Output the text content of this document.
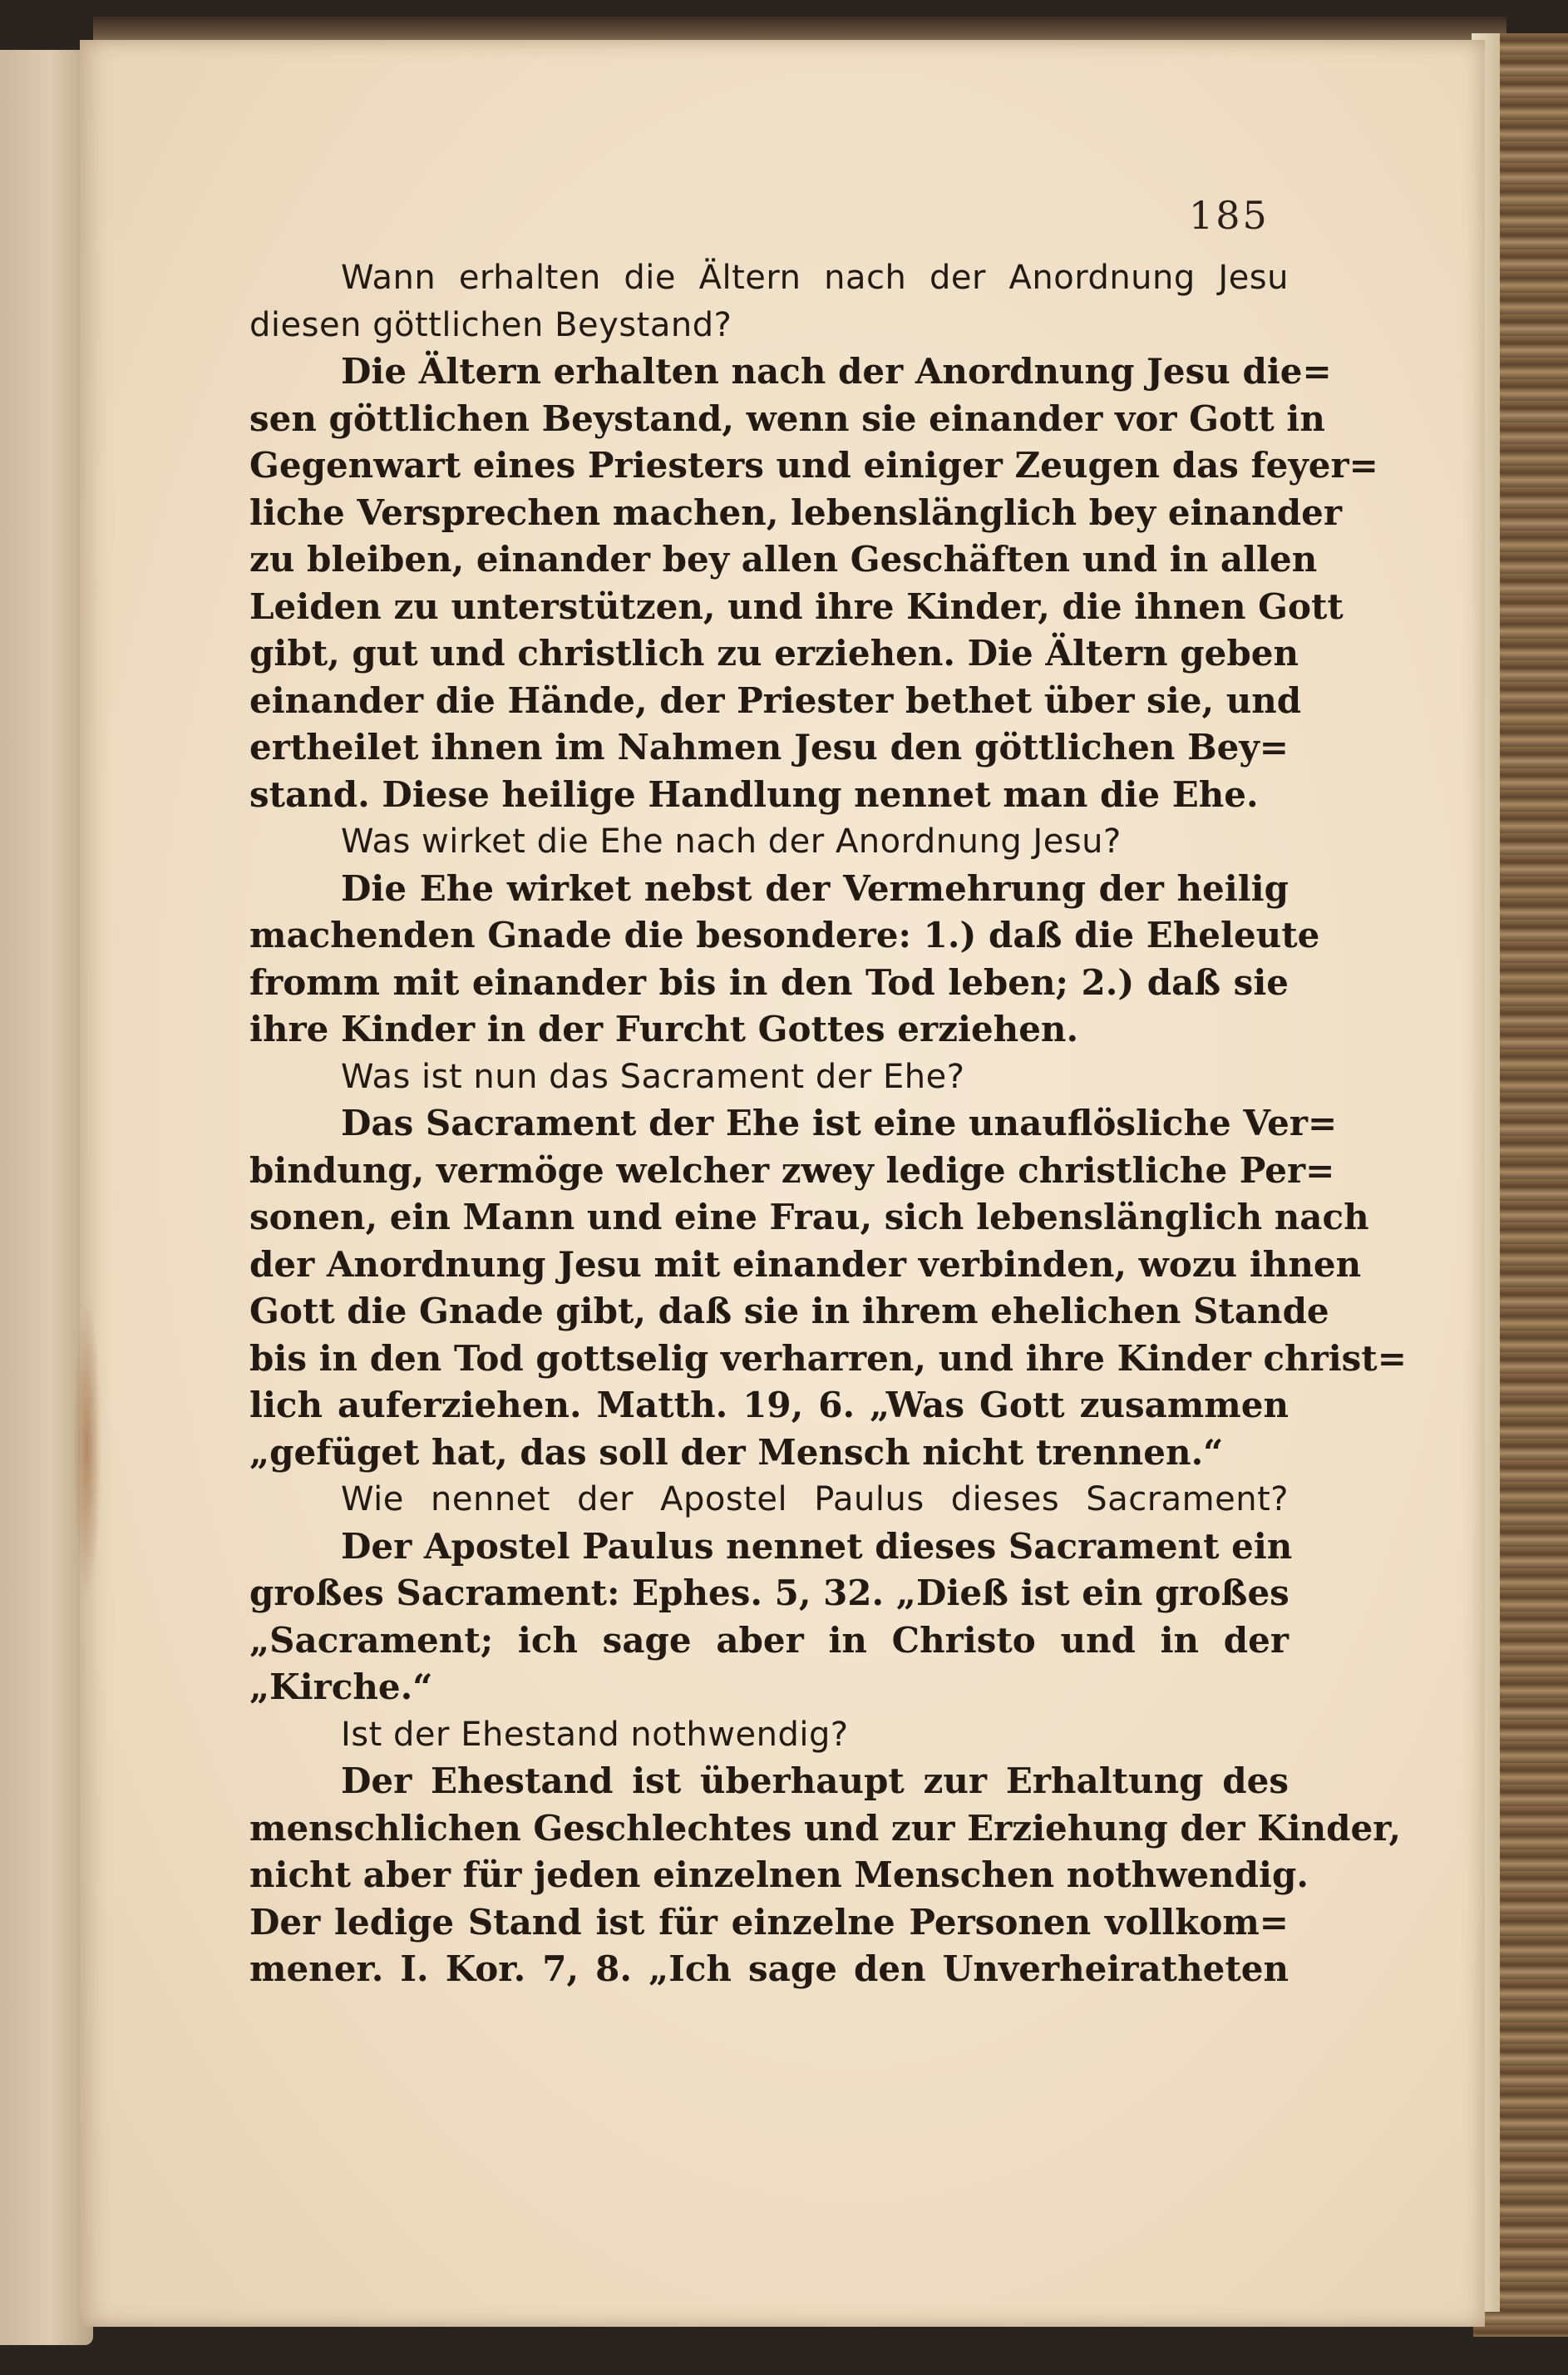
185
Wann erhalten die Ältern nach der Anordnung Jesu
diesen göttlichen Beystand?
Die Ältern erhalten nach der Anordnung Jesu die=
sen göttlichen Beystand, wenn sie einander vor Gott in
Gegenwart eines Priesters und einiger Zeugen das feyer=
liche Versprechen machen, lebenslänglich bey einander
zu bleiben, einander bey allen Geschäften und in allen
Leiden zu unterstützen, und ihre Kinder, die ihnen Gott
gibt, gut und christlich zu erziehen. Die Ältern geben
einander die Hände, der Priester bethet über sie, und
ertheilet ihnen im Nahmen Jesu den göttlichen Bey=
stand. Diese heilige Handlung nennet man die Ehe.
Was wirket die Ehe nach der Anordnung Jesu?
Die Ehe wirket nebst der Vermehrung der heilig
machenden Gnade die besondere: 1.) daß die Eheleute
fromm mit einander bis in den Tod leben; 2.) daß sie
ihre Kinder in der Furcht Gottes erziehen.
Was ist nun das Sacrament der Ehe?
Das Sacrament der Ehe ist eine unauflösliche Ver=
bindung, vermöge welcher zwey ledige christliche Per=
sonen, ein Mann und eine Frau, sich lebenslänglich nach
der Anordnung Jesu mit einander verbinden, wozu ihnen
Gott die Gnade gibt, daß sie in ihrem ehelichen Stande
bis in den Tod gottselig verharren, und ihre Kinder christ=
lich auferziehen. Matth. 19, 6. „Was Gott zusammen
„gefüget hat, das soll der Mensch nicht trennen.“
Wie nennet der Apostel Paulus dieses Sacrament?
Der Apostel Paulus nennet dieses Sacrament ein
großes Sacrament: Ephes. 5, 32. „Dieß ist ein großes
„Sacrament; ich sage aber in Christo und in der
„Kirche.“
Ist der Ehestand nothwendig?
Der Ehestand ist überhaupt zur Erhaltung des
menschlichen Geschlechtes und zur Erziehung der Kinder,
nicht aber für jeden einzelnen Menschen nothwendig.
Der ledige Stand ist für einzelne Personen vollkom=
mener. I. Kor. 7, 8. „Ich sage den Unverheiratheten
